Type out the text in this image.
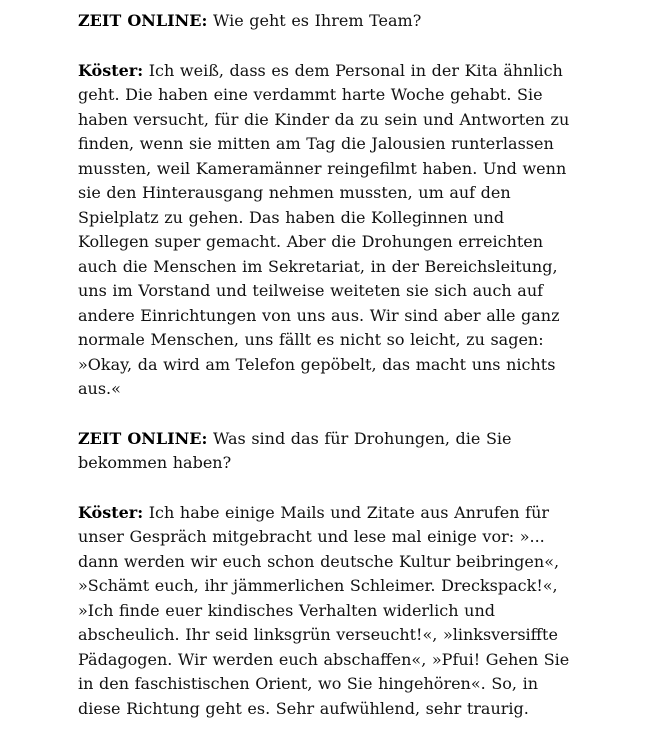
ZEIT ONLINE: Wie geht es Ihrem Team?

Köster: Ich weiß, dass es dem Personal in der Kita ähnlich geht. Die haben eine verdammt harte Woche gehabt. Sie haben versucht, für die Kinder da zu sein und Antworten zu finden, wenn sie mitten am Tag die Jalousien runterlassen mussten, weil Kameramänner reingefilmt haben. Und wenn sie den Hinterausgang nehmen mussten, um auf den Spielplatz zu gehen. Das haben die Kolleginnen und Kollegen super gemacht. Aber die Drohungen erreichten auch die Menschen im Sekretariat, in der Bereichsleitung, uns im Vorstand und teilweise weiteten sie sich auch auf andere Einrichtungen von uns aus. Wir sind aber alle ganz normale Menschen, uns fällt es nicht so leicht, zu sagen: »Okay, da wird am Telefon gepöbelt, das macht uns nichts aus.«

ZEIT ONLINE: Was sind das für Drohungen, die Sie bekommen haben?

Köster: Ich habe einige Mails und Zitate aus Anrufen für unser Gespräch mitgebracht und lese mal einige vor: »... dann werden wir euch schon deutsche Kultur beibringen«, »Schämt euch, ihr jämmerlichen Schleimer. Dreckspack!«, »Ich finde euer kindisches Verhalten widerlich und abscheulich. Ihr seid linksgrün verseucht!«, »linksversiffte Pädagogen. Wir werden euch abschaffen«, »Pfui! Gehen Sie in den faschistischen Orient, wo Sie hingehören«. So, in diese Richtung geht es. Sehr aufwühlend, sehr traurig.
